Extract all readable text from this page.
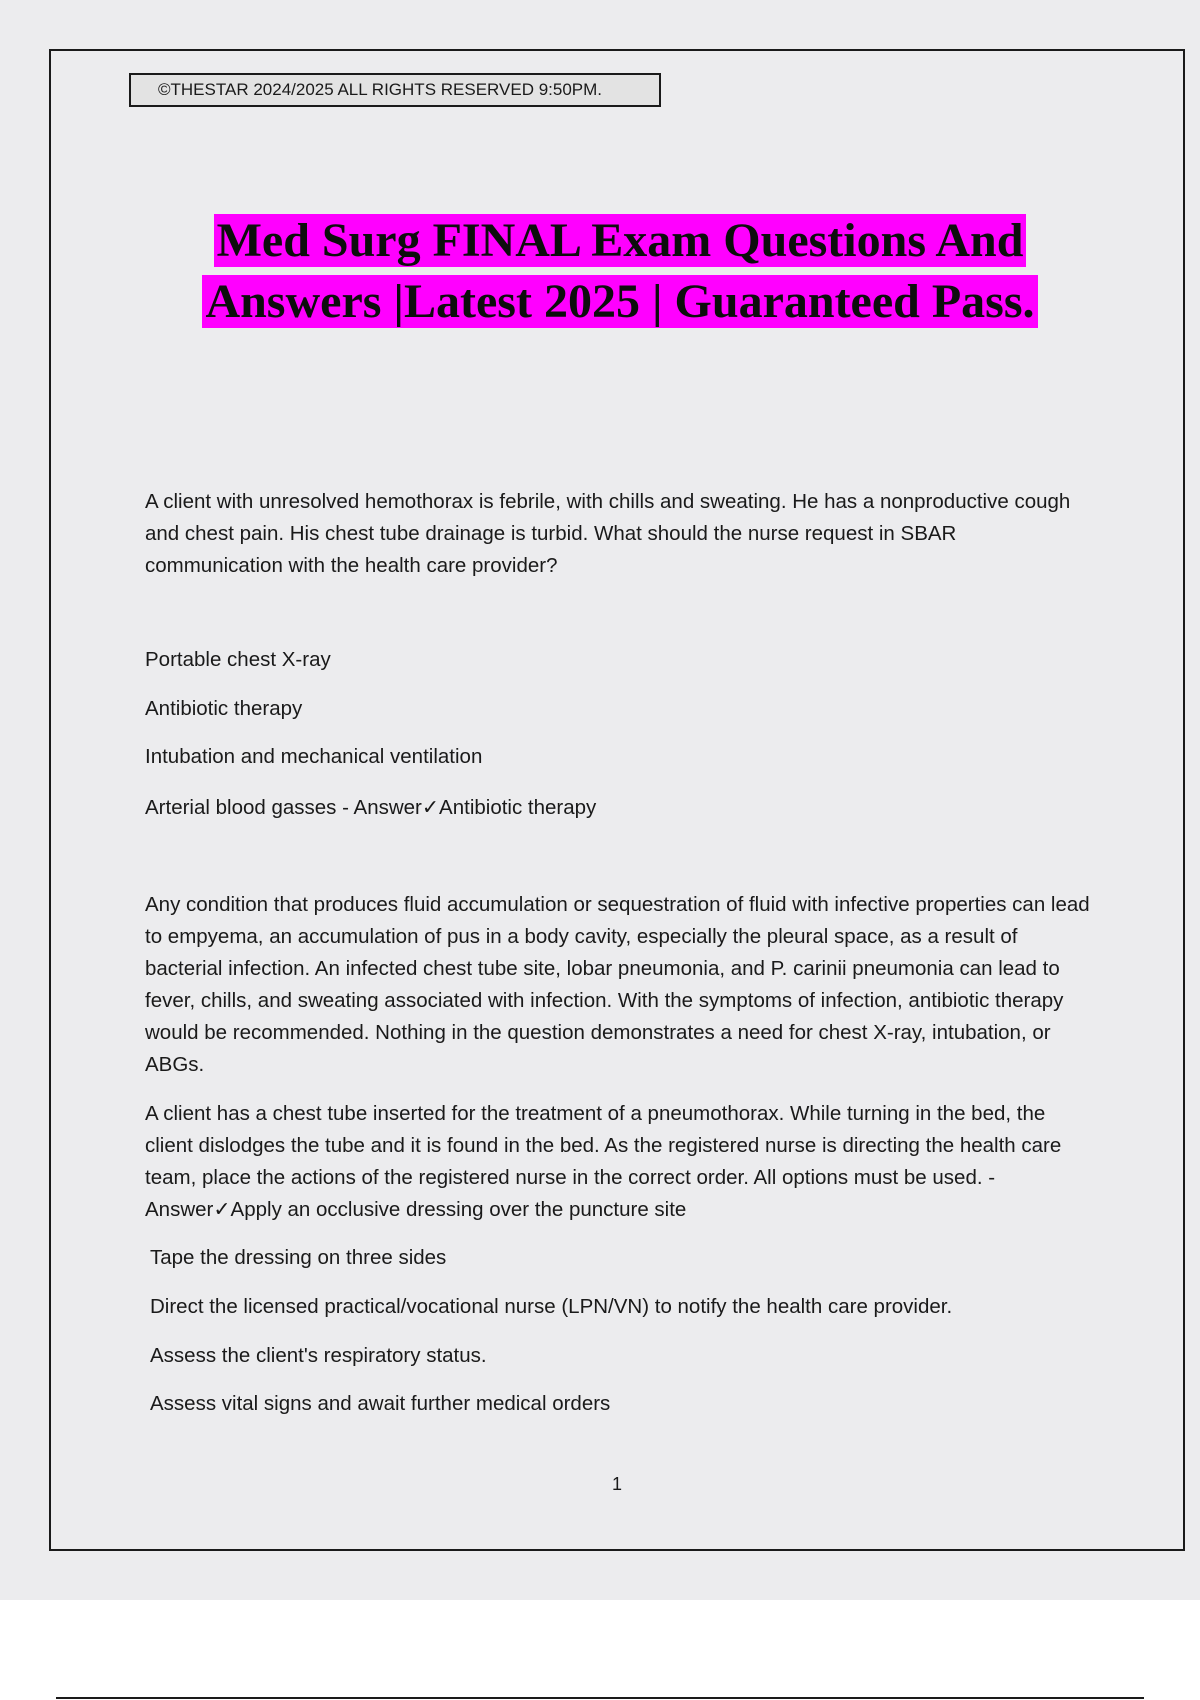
©THESTAR 2024/2025 ALL RIGHTS RESERVED 9:50PM.
Med Surg FINAL Exam Questions And
Answers |Latest 2025 | Guaranteed Pass.

A client with unresolved hemothorax is febrile, with chills and sweating. He has a nonproductive cough and chest pain. His chest tube drainage is turbid. What should the nurse request in SBAR communication with the health care provider?

Portable chest X-ray
Antibiotic therapy
Intubation and mechanical ventilation
Arterial blood gasses - Answer✓Antibiotic therapy

Any condition that produces fluid accumulation or sequestration of fluid with infective properties can lead to empyema, an accumulation of pus in a body cavity, especially the pleural space, as a result of bacterial infection. An infected chest tube site, lobar pneumonia, and P. carinii pneumonia can lead to fever, chills, and sweating associated with infection. With the symptoms of infection, antibiotic therapy would be recommended. Nothing in the question demonstrates a need for chest X-ray, intubation, or ABGs.

A client has a chest tube inserted for the treatment of a pneumothorax. While turning in the bed, the client dislodges the tube and it is found in the bed. As the registered nurse is directing the health care team, place the actions of the registered nurse in the correct order. All options must be used. - Answer✓Apply an occlusive dressing over the puncture site

Tape the dressing on three sides
Direct the licensed practical/vocational nurse (LPN/VN) to notify the health care provider.
Assess the client's respiratory status.
Assess vital signs and await further medical orders
1
